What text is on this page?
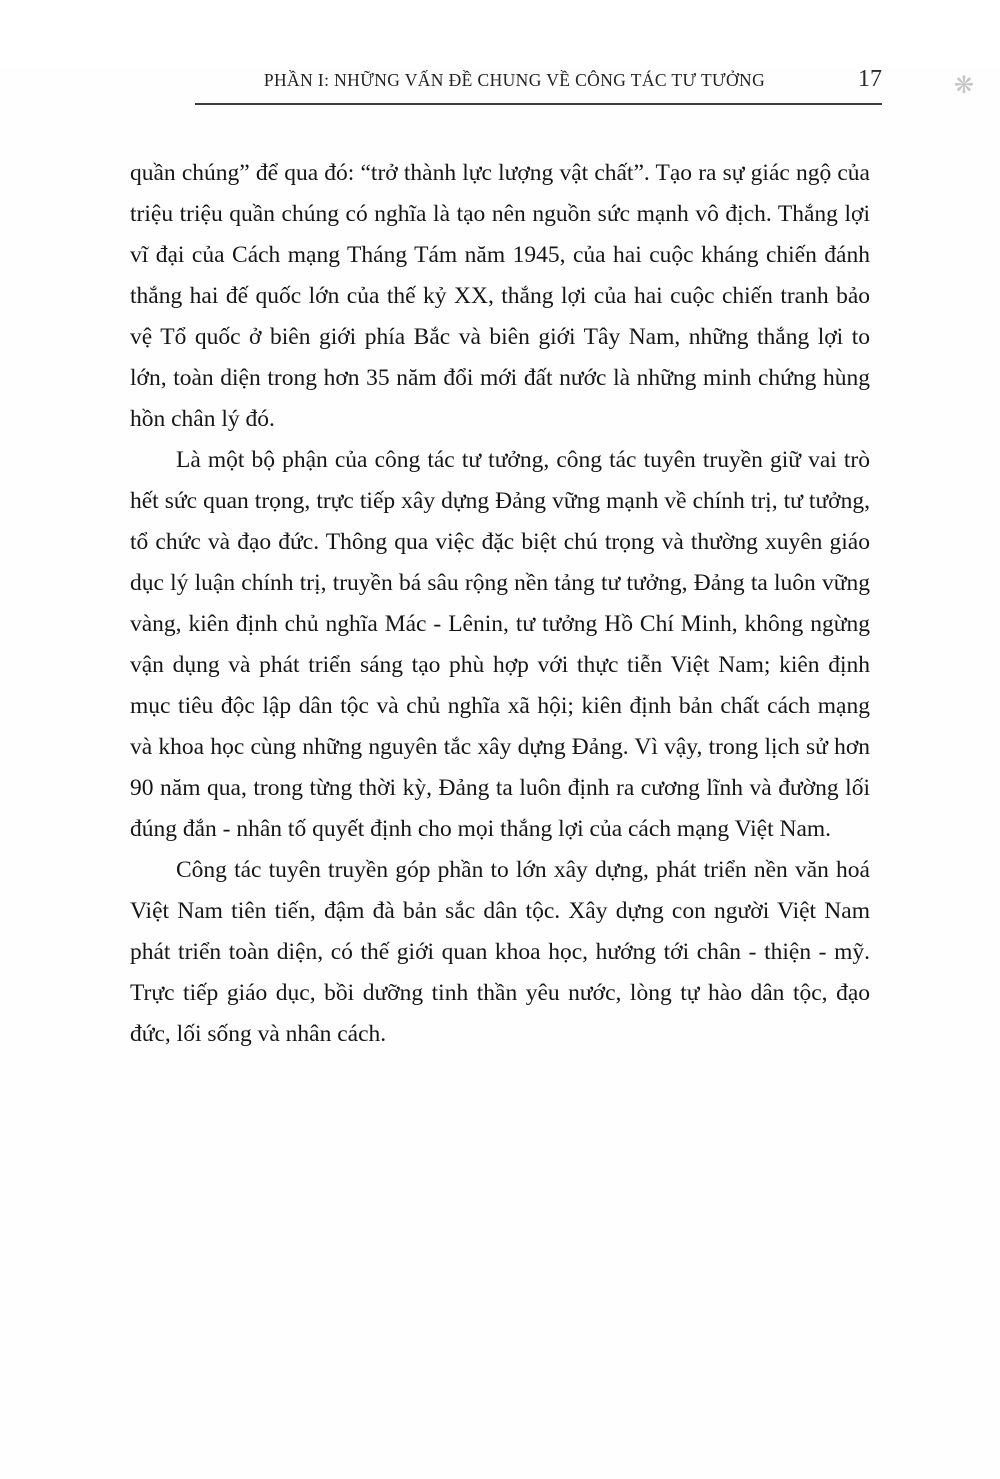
❋
PHẦN I: NHỮNG VẤN ĐỀ CHUNG VỀ CÔNG TÁC TƯ TƯỞNG	17

quần chúng” để qua đó: “trở thành lực lượng vật chất”. Tạo ra sự giác ngộ của triệu triệu quần chúng có nghĩa là tạo nên nguồn sức mạnh vô địch. Thắng lợi vĩ đại của Cách mạng Tháng Tám năm 1945, của hai cuộc kháng chiến đánh thắng hai đế quốc lớn của thế kỷ XX, thắng lợi của hai cuộc chiến tranh bảo vệ Tổ quốc ở biên giới phía Bắc và biên giới Tây Nam, những thắng lợi to lớn, toàn diện trong hơn 35 năm đổi mới đất nước là những minh chứng hùng hồn chân lý đó.

Là một bộ phận của công tác tư tưởng, công tác tuyên truyền giữ vai trò hết sức quan trọng, trực tiếp xây dựng Đảng vững mạnh về chính trị, tư tưởng, tổ chức và đạo đức. Thông qua việc đặc biệt chú trọng và thường xuyên giáo dục lý luận chính trị, truyền bá sâu rộng nền tảng tư tưởng, Đảng ta luôn vững vàng, kiên định chủ nghĩa Mác - Lênin, tư tưởng Hồ Chí Minh, không ngừng vận dụng và phát triển sáng tạo phù hợp với thực tiễn Việt Nam; kiên định mục tiêu độc lập dân tộc và chủ nghĩa xã hội; kiên định bản chất cách mạng và khoa học cùng những nguyên tắc xây dựng Đảng. Vì vậy, trong lịch sử hơn 90 năm qua, trong từng thời kỳ, Đảng ta luôn định ra cương lĩnh và đường lối đúng đắn - nhân tố quyết định cho mọi thắng lợi của cách mạng Việt Nam.

Công tác tuyên truyền góp phần to lớn xây dựng, phát triển nền văn hoá Việt Nam tiên tiến, đậm đà bản sắc dân tộc. Xây dựng con người Việt Nam phát triển toàn diện, có thế giới quan khoa học, hướng tới chân - thiện - mỹ. Trực tiếp giáo dục, bồi dưỡng tinh thần yêu nước, lòng tự hào dân tộc, đạo đức, lối sống và nhân cách.
